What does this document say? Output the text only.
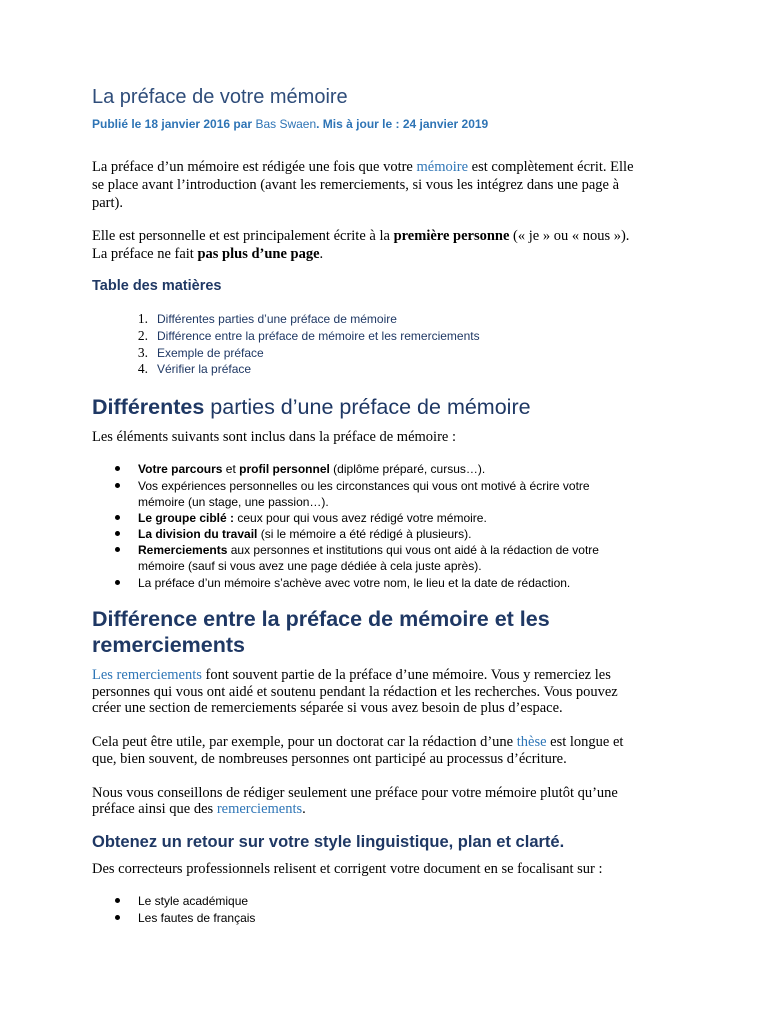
La préface de votre mémoire
Publié le 18 janvier 2016 par Bas Swaen. Mis à jour le : 24 janvier 2019
La préface d’un mémoire est rédigée une fois que votre mémoire est complètement écrit. Elle
se place avant l’introduction (avant les remerciements, si vous les intégrez dans une page à
part).
Elle est personnelle et est principalement écrite à la première personne (« je » ou « nous »).
La préface ne fait pas plus d’une page.
Table des matières
1. Différentes parties d’une préface de mémoire
2. Différence entre la préface de mémoire et les remerciements
3. Exemple de préface
4. Vérifier la préface
Différentes parties d’une préface de mémoire
Les éléments suivants sont inclus dans la préface de mémoire :
Votre parcours et profil personnel (diplôme préparé, cursus…).
Vos expériences personnelles ou les circonstances qui vous ont motivé à écrire votre
mémoire (un stage, une passion…).
Le groupe ciblé : ceux pour qui vous avez rédigé votre mémoire.
La division du travail (si le mémoire a été rédigé à plusieurs).
Remerciements aux personnes et institutions qui vous ont aidé à la rédaction de votre
mémoire (sauf si vous avez une page dédiée à cela juste après).
La préface d’un mémoire s’achève avec votre nom, le lieu et la date de rédaction.
Différence entre la préface de mémoire et les
remerciements
Les remerciements font souvent partie de la préface d’une mémoire. Vous y remerciez les
personnes qui vous ont aidé et soutenu pendant la rédaction et les recherches. Vous pouvez
créer une section de remerciements séparée si vous avez besoin de plus d’espace.
Cela peut être utile, par exemple, pour un doctorat car la rédaction d’une thèse est longue et
que, bien souvent, de nombreuses personnes ont participé au processus d’écriture.
Nous vous conseillons de rédiger seulement une préface pour votre mémoire plutôt qu’une
préface ainsi que des remerciements.
Obtenez un retour sur votre style linguistique, plan et clarté.
Des correcteurs professionnels relisent et corrigent votre document en se focalisant sur :
Le style académique
Les fautes de français
